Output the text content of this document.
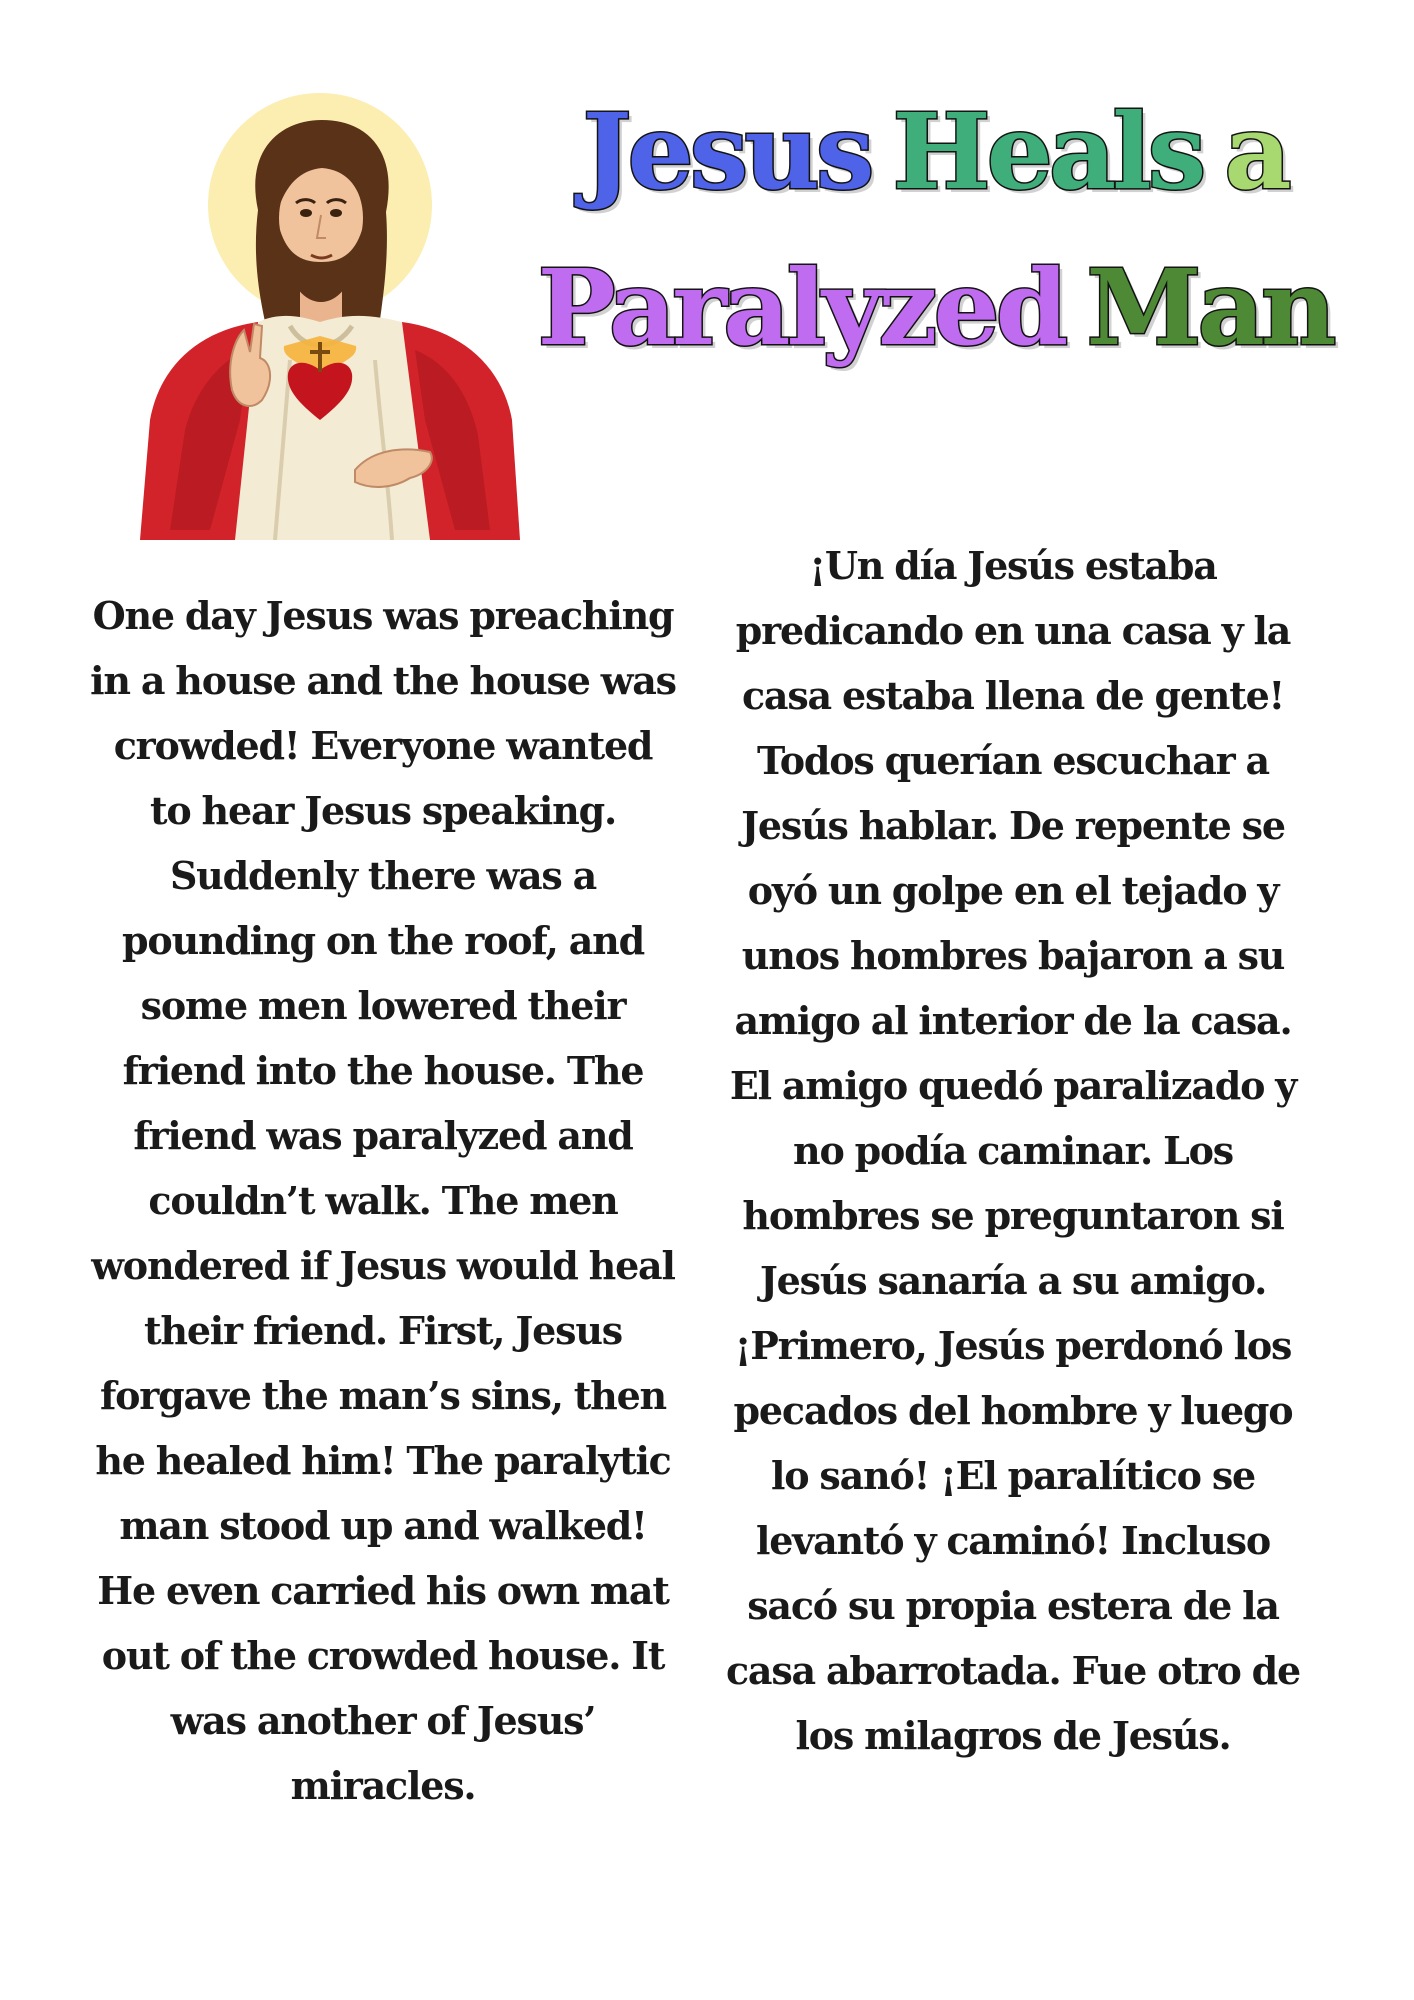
Jesus Heals a
Paralyzed Man

One day Jesus was preaching in a house and the house was crowded! Everyone wanted to hear Jesus speaking. Suddenly there was a pounding on the roof, and some men lowered their friend into the house. The friend was paralyzed and couldn’t walk. The men wondered if Jesus would heal their friend. First, Jesus forgave the man’s sins, then he healed him! The paralytic man stood up and walked! He even carried his own mat out of the crowded house. It was another of Jesus’ miracles.

¡Un día Jesús estaba predicando en una casa y la casa estaba llena de gente! Todos querían escuchar a Jesús hablar. De repente se oyó un golpe en el tejado y unos hombres bajaron a su amigo al interior de la casa. El amigo quedó paralizado y no podía caminar. Los hombres se preguntaron si Jesús sanaría a su amigo. ¡Primero, Jesús perdonó los pecados del hombre y luego lo sanó! ¡El paralítico se levantó y caminó! Incluso sacó su propia estera de la casa abarrotada. Fue otro de los milagros de Jesús.
